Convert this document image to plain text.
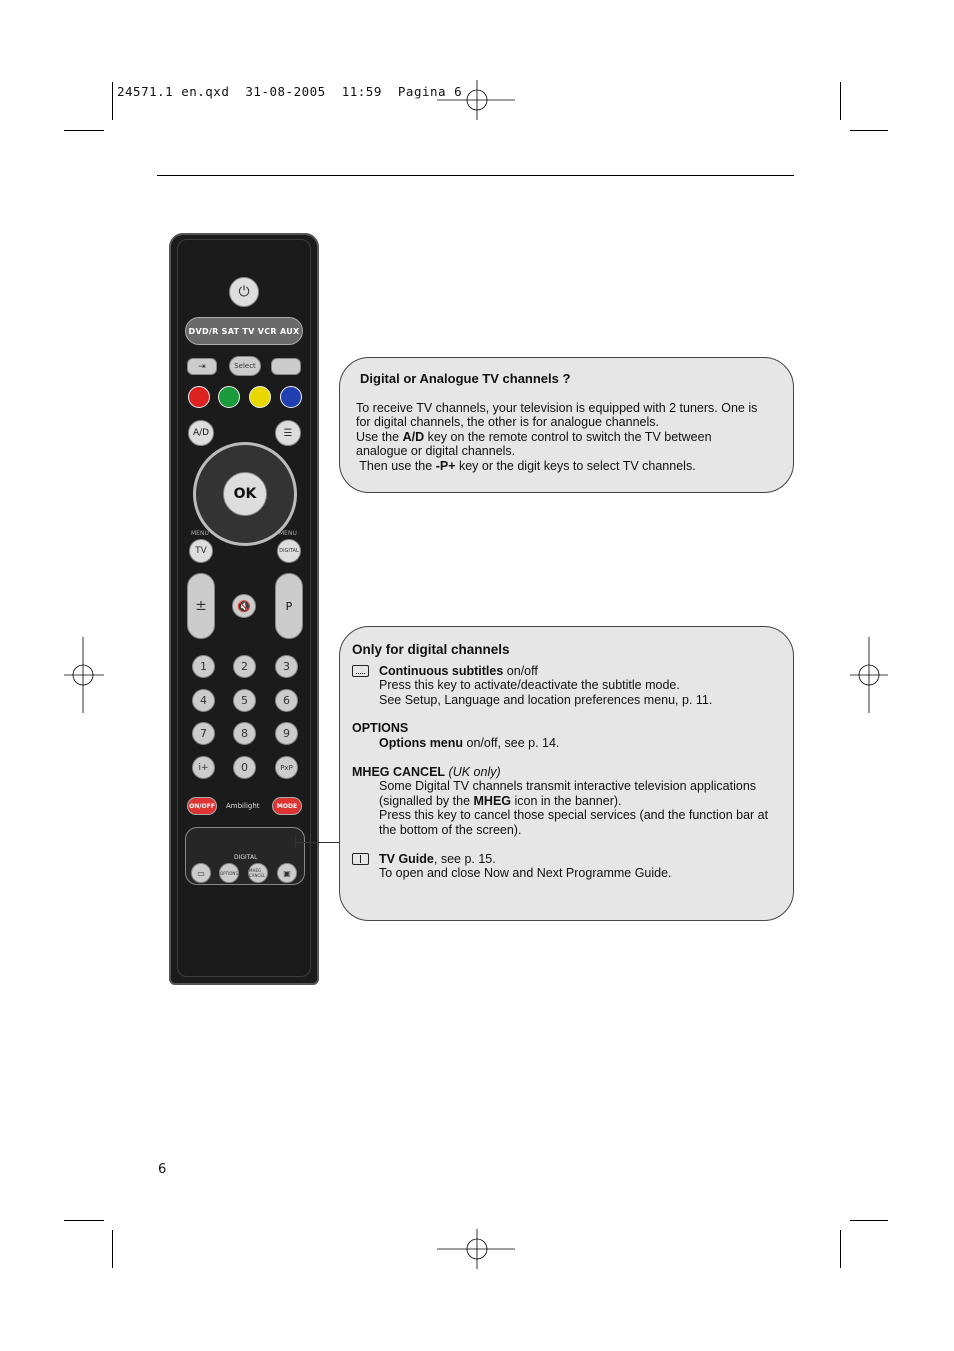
24571.1 en.qxd  31-08-2005  11:59  Pagina 6
⏻
DVD/R SAT TV VCR AUX
⇥	Select
A/D	☰
OK
MENU	MENU
TV	DIGITAL
±	🔇	P
1	2	3
4	5	6
7	8	9
i+	0	PxP
ON/OFF	Ambilight	MODE
DIGITAL
▭	OPTIONS	MHEG CANCEL	▣
Digital or Analogue TV channels ?
To receive TV channels, your television is equipped with 2 tuners. One is
for digital channels, the other is for analogue channels.
Use the A/D key on the remote control to switch the TV between
analogue or digital channels.
Then use the -P+ key or the digit keys to select TV channels.
Only for digital channels
Continuous subtitles on/off
Press this key to activate/deactivate the subtitle mode.
See Setup, Language and location preferences menu, p. 11.
OPTIONS
Options menu on/off, see p. 14.
MHEG CANCEL (UK only)
Some Digital TV channels transmit interactive television applications
(signalled by the MHEG icon in the banner).
Press this key to cancel those special services (and the function bar at
the bottom of the screen).
TV Guide, see p. 15.
To open and close Now and Next Programme Guide.
6
